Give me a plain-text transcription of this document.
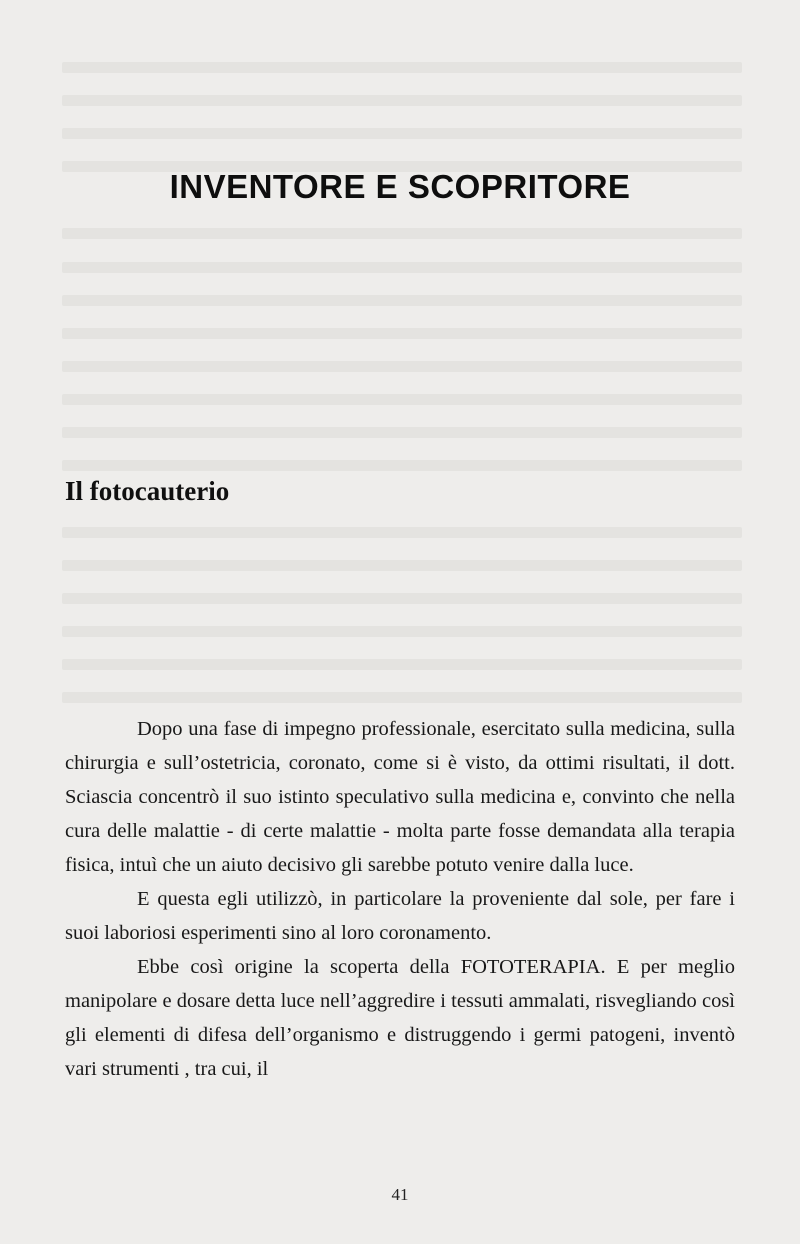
INVENTORE E SCOPRITORE
Il fotocauterio

Dopo una fase di impegno professionale, esercitato sulla medicina, sulla chirurgia e sull’ostetricia, coronato, come si è visto, da ottimi risultati, il dott. Sciascia concentrò il suo istinto speculativo sulla medicina e, convinto che nella cura delle malattie - di certe malattie - molta parte fosse demandata alla terapia fisica, intuì che un aiuto decisivo gli sarebbe potuto venire dalla luce.

E questa egli utilizzò, in particolare la proveniente dal sole, per fare i suoi laboriosi esperimenti sino al loro coronamento.

Ebbe così origine la scoperta della FOTOTERAPIA. E per meglio manipolare e dosare detta luce nell’aggredire i tessuti ammalati, risvegliando così gli elementi di difesa dell’organismo e distruggendo i germi patogeni, inventò vari strumenti , tra cui, il

41
